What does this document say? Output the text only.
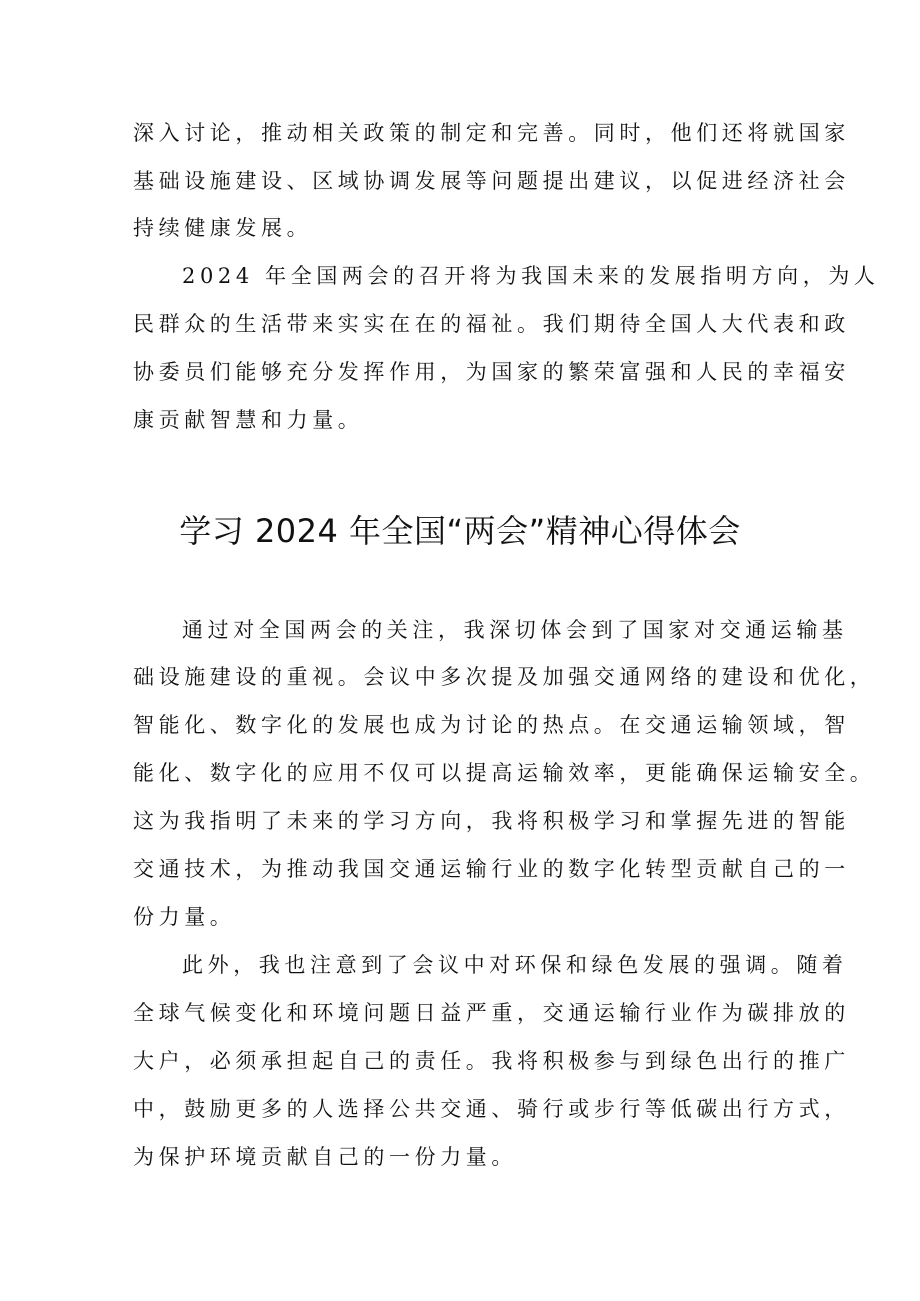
深入讨论，推动相关政策的制定和完善。同时，他们还将就国家

基础设施建设、区域协调发展等问题提出建议，以促进经济社会

持续健康发展。

2024 年全国两会的召开将为我国未来的发展指明方向，为人

民群众的生活带来实实在在的福祉。我们期待全国人大代表和政

协委员们能够充分发挥作用，为国家的繁荣富强和人民的幸福安

康贡献智慧和力量。

学习 2024 年全国“两会”精神心得体会

通过对全国两会的关注，我深切体会到了国家对交通运输基

础设施建设的重视。会议中多次提及加强交通网络的建设和优化，

智能化、数字化的发展也成为讨论的热点。在交通运输领域，智

能化、数字化的应用不仅可以提高运输效率，更能确保运输安全。

这为我指明了未来的学习方向，我将积极学习和掌握先进的智能

交通技术，为推动我国交通运输行业的数字化转型贡献自己的一

份力量。

此外，我也注意到了会议中对环保和绿色发展的强调。随着

全球气候变化和环境问题日益严重，交通运输行业作为碳排放的

大户，必须承担起自己的责任。我将积极参与到绿色出行的推广

中，鼓励更多的人选择公共交通、骑行或步行等低碳出行方式，

为保护环境贡献自己的一份力量。
